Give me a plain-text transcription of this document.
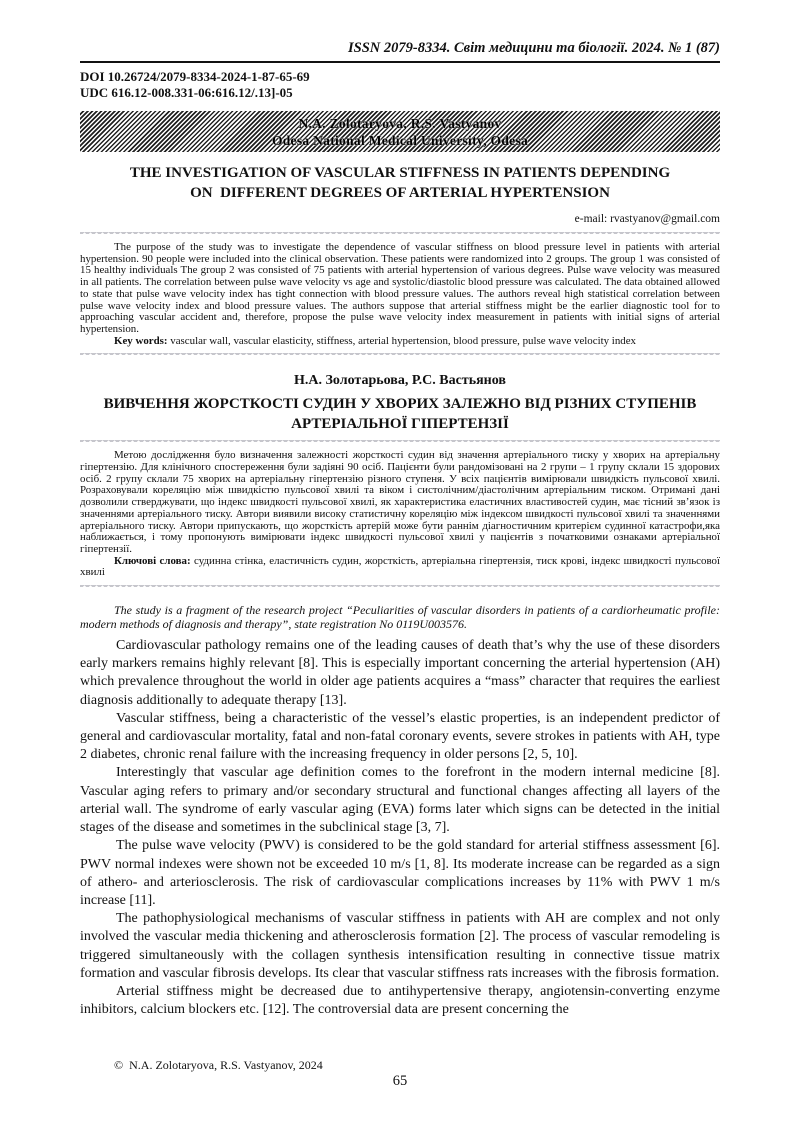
ISSN 2079-8334. Світ медицини та біології. 2024. № 1 (87)
DOI 10.26724/2079-8334-2024-1-87-65-69
UDC 616.12-008.331-06:616.12/.13]-05
N.A. Zolotaryova, R.S. Vastyanov
Odesa National Medical University, Odesa
THE INVESTIGATION OF VASCULAR STIFFNESS IN PATIENTS DEPENDING
ON  DIFFERENT DEGREES OF ARTERIAL HYPERTENSION
e-mail: rvastyanov@gmail.com

The purpose of the study was to investigate the dependence of vascular stiffness on blood pressure level in patients with arterial hypertension. 90 people were included into the clinical observation. These patients were randomized into 2 groups. The group 1 was consisted of 15 healthy individuals The group 2 was consisted of 75 patients with arterial hypertension of various degrees. Pulse wave velocity was measured in all patients. The correlation between pulse wave velocity vs age and systolic/diastolic blood pressure was calculated. The data obtained allowed to state that pulse wave velocity index has tight connection with blood pressure values. The authors reveal high statistical correlation between pulse wave velocity index and blood pressure values. The authors suppose that arterial stiffness might be the earlier diagnostic tool for to approaching vascular accident and, therefore, propose the pulse wave velocity index measurement in patients with initial signs of arterial hypertension.

Key words: vascular wall, vascular elasticity, stiffness, arterial hypertension, blood pressure, pulse wave velocity index

Н.А. Золотарьова, Р.С. Вастьянов
ВИВЧЕННЯ ЖОРСТКОСТІ СУДИН У ХВОРИХ ЗАЛЕЖНО ВІД РІЗНИХ СТУПЕНІВ
АРТЕРІАЛЬНОЇ ГІПЕРТЕНЗІЇ

Метою дослідження було визначення залежності жорсткості судин від значення артеріального тиску у хворих на артеріальну гіпертензію. Для клінічного спостереження були задіяні 90 осіб. Пацієнти були рандомізовані на 2 групи – 1 групу склали 15 здорових осіб. 2 групу склали 75 хворих на артеріальну гіпертензію різного ступеня. У всіх пацієнтів вимірювали швидкість пульсової хвилі. Розраховували кореляцію між швидкістю пульсової хвилі та віком і систолічним/діастолічним артеріальним тиском. Отримані дані дозволили стверджувати, що індекс швидкості пульсової хвилі, як характеристика еластичних властивостей судин, має тісний зв’язок із значеннями артеріального тиску. Автори виявили високу статистичну кореляцію між індексом швидкості пульсової хвилі та значеннями артеріального тиску. Автори припускають, що жорсткість артерій може бути раннім діагностичним критерієм судинної катастрофи,яка наближається, і тому пропонують вимірювати індекс швидкості пульсової хвилі у пацієнтів з початковими ознаками артеріальної гіпертензії.

Ключові слова: судинна стінка, еластичність судин, жорсткість, артеріальна гіпертензія, тиск крові, індекс швидкості пульсової хвилі

The study is a fragment of the research project “Peculiarities of vascular disorders in patients of a cardiorheumatic profile: modern methods of diagnosis and therapy”, state registration No 0119U003576.

Cardiovascular pathology remains one of the leading causes of death that’s why the use of these disorders early markers remains highly relevant [8]. This is especially important concerning the arterial hypertension (AH) which prevalence throughout the world in older age patients acquires a “mass” character that requires the earliest diagnosis additionally to adequate therapy [13].

Vascular stiffness, being a characteristic of the vessel’s elastic properties, is an independent predictor of general and cardiovascular mortality, fatal and non-fatal coronary events, severe strokes in patients with AH, type 2 diabetes, chronic renal failure with the increasing frequency in older persons [2, 5, 10].

Interestingly that vascular age definition comes to the forefront in the modern internal medicine [8]. Vascular aging refers to primary and/or secondary structural and functional changes affecting all layers of the arterial wall. The syndrome of early vascular aging (EVA) forms later which signs can be detected in the initial stages of the disease and sometimes in the subclinical stage [3, 7].

The pulse wave velocity (PWV) is considered to be the gold standard for arterial stiffness assessment [6]. PWV normal indexes were shown not be exceeded 10 m/s [1, 8]. Its moderate increase can be regarded as a sign of athero- and arteriosclerosis. The risk of cardiovascular complications increases by 11% with PWV 1 m/s increase [11].

The pathophysiological mechanisms of vascular stiffness in patients with AH are complex and not only involved the vascular media thickening and atherosclerosis formation [2]. The process of vascular remodeling is triggered simultaneously with the collagen synthesis intensification resulting in connective tissue matrix formation and vascular fibrosis develops. Its clear that vascular stiffness rats increases with the fibrosis formation.

Arterial stiffness might be decreased due to antihypertensive therapy, angiotensin-converting enzyme inhibitors, calcium blockers etc. [12]. The controversial data are present concerning the

©  N.A. Zolotaryova, R.S. Vastyanov, 2024
65
